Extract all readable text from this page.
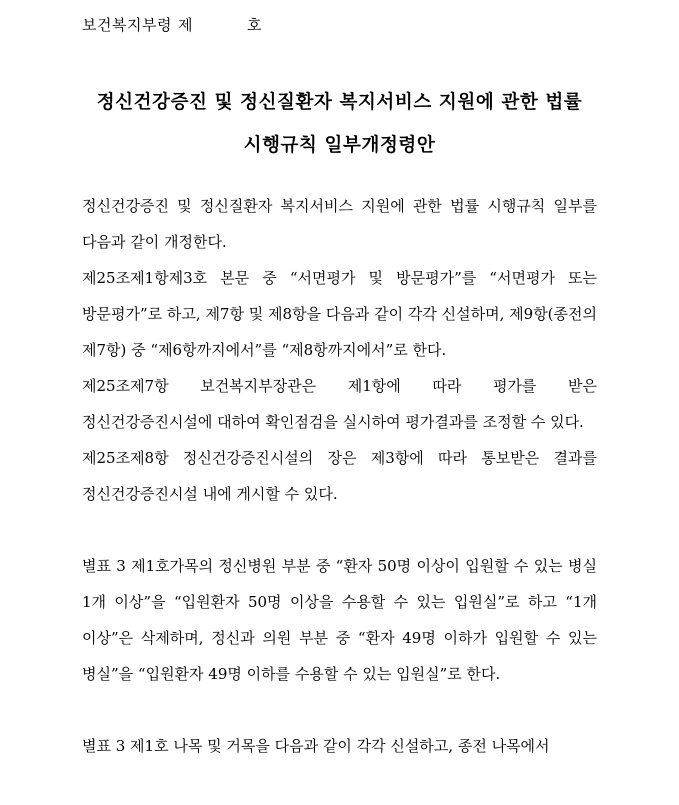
보건복지부령 제	호
정신건강증진 및 정신질환자 복지서비스 지원에 관한 법률
시행규칙 일부개정령안
정신건강증진 및 정신질환자 복지서비스 지원에 관한 법률 시행규칙 일부를 다음과 같이 개정한다.
제25조제1항제3호 본문 중 “서면평가 및 방문평가”를 “서면평가 또는 방문평가”로 하고, 제7항 및 제8항을 다음과 같이 각각 신설하며, 제9항(종전의 제7항) 중 “제6항까지에서”를 “제8항까지에서”로 한다.
제25조제7항 보건복지부장관은 제1항에 따라 평가를 받은 정신건강증진시설에 대하여 확인점검을 실시하여 평가결과를 조정할 수 있다.
제25조제8항 정신건강증진시설의 장은 제3항에 따라 통보받은 결과를 정신건강증진시설 내에 게시할 수 있다.
별표 3 제1호가목의 정신병원 부분 중 “환자 50명 이상이 입원할 수 있는 병실 1개 이상”을 “입원환자 50명 이상을 수용할 수 있는 입원실”로 하고 “1개 이상”은 삭제하며, 정신과 의원 부분 중 “환자 49명 이하가 입원할 수 있는 병실”을 “입원환자 49명 이하를 수용할 수 있는 입원실”로 한다.
별표 3 제1호 나목 및 거목을 다음과 같이 각각 신설하고, 종전 나목에서
